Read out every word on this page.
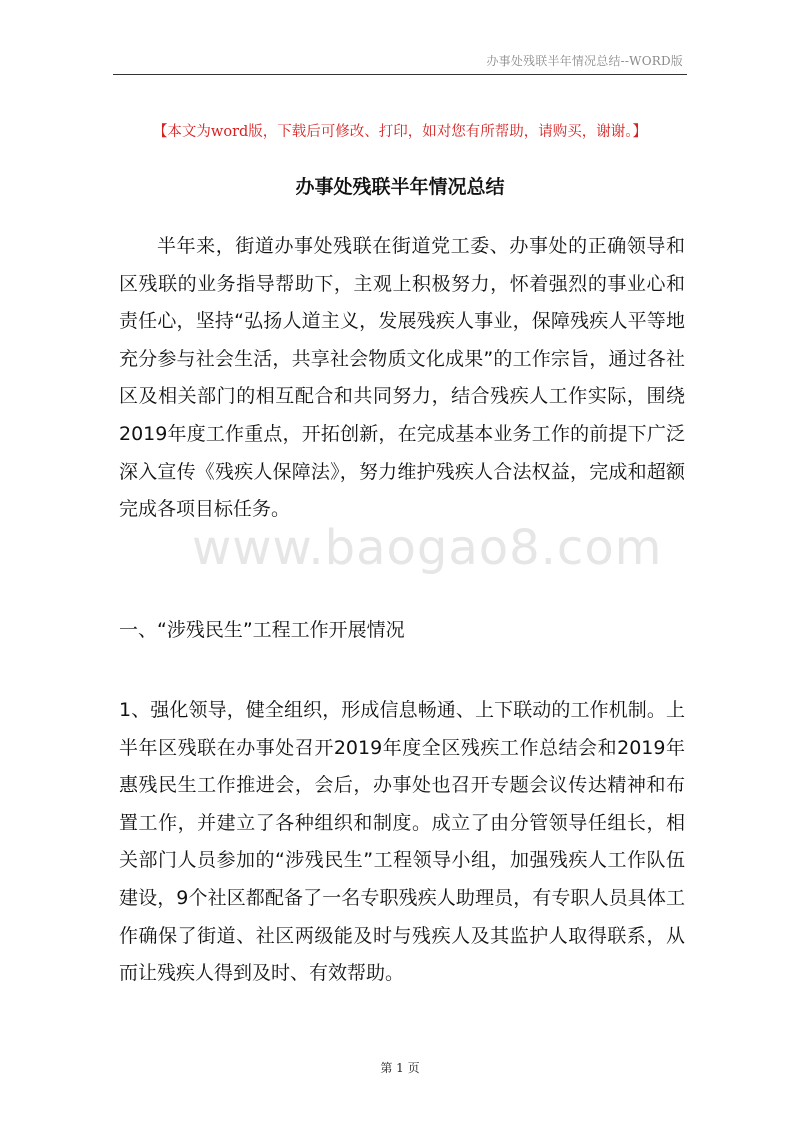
办事处残联半年情况总结--WORD版
【本文为word版，下载后可修改、打印，如对您有所帮助，请购买，谢谢。】
办事处残联半年情况总结
www.baogao8.com

半年来，街道办事处残联在街道党工委、办事处的正确领导和区残联的业务指导帮助下，主观上积极努力，怀着强烈的事业心和责任心，坚持“弘扬人道主义，发展残疾人事业，保障残疾人平等地充分参与社会生活，共享社会物质文化成果”的工作宗旨，通过各社区及相关部门的相互配合和共同努力，结合残疾人工作实际，围绕 2019年度工作重点，开拓创新，在完成基本业务工作的前提下广泛深入宣传《残疾人保障法》，努力维护残疾人合法权益，完成和超额完成各项目标任务。

一、“涉残民生”工程工作开展情况

1、强化领导，健全组织，形成信息畅通、上下联动的工作机制。上半年区残联在办事处召开2019年度全区残疾工作总结会和2019年惠残民生工作推进会，会后，办事处也召开专题会议传达精神和布置工作，并建立了各种组织和制度。成立了由分管领导任组长，相关部门人员参加的“涉残民生”工程领导小组，加强残疾人工作队伍建设，9个社区都配备了一名专职残疾人助理员，有专职人员具体工作确保了街道、社区两级能及时与残疾人及其监护人取得联系，从而让残疾人得到及时、有效帮助。

第 1 页
